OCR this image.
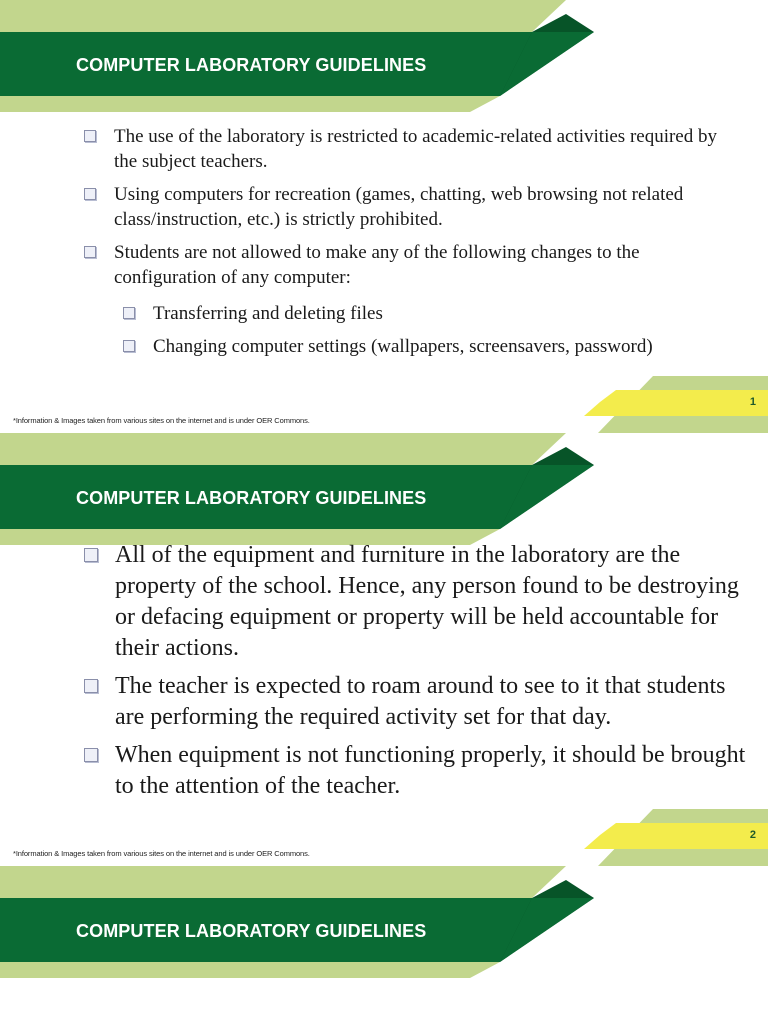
COMPUTER LABORATORY GUIDELINES
The use of the laboratory is restricted to academic-related activities required by the subject teachers.
Using computers for recreation (games, chatting, web browsing not related class/instruction, etc.) is strictly prohibited.
Students are not allowed to make any of the following changes to the configuration of any computer:
Transferring and deleting files
Changing computer settings (wallpapers, screensavers, password)
*Information & Images taken from various sites on the internet and is under OER Commons.
1
COMPUTER LABORATORY GUIDELINES
All of the equipment and furniture in the laboratory are the property of the school. Hence, any person found to be destroying or defacing equipment or property will be held accountable for their actions.
The teacher is expected to roam around to see to it that students are performing the required activity set for that day.
When equipment is not functioning properly, it should be brought to the attention of the teacher.
*Information & Images taken from various sites on the internet and is under OER Commons.
2
COMPUTER LABORATORY GUIDELINES
